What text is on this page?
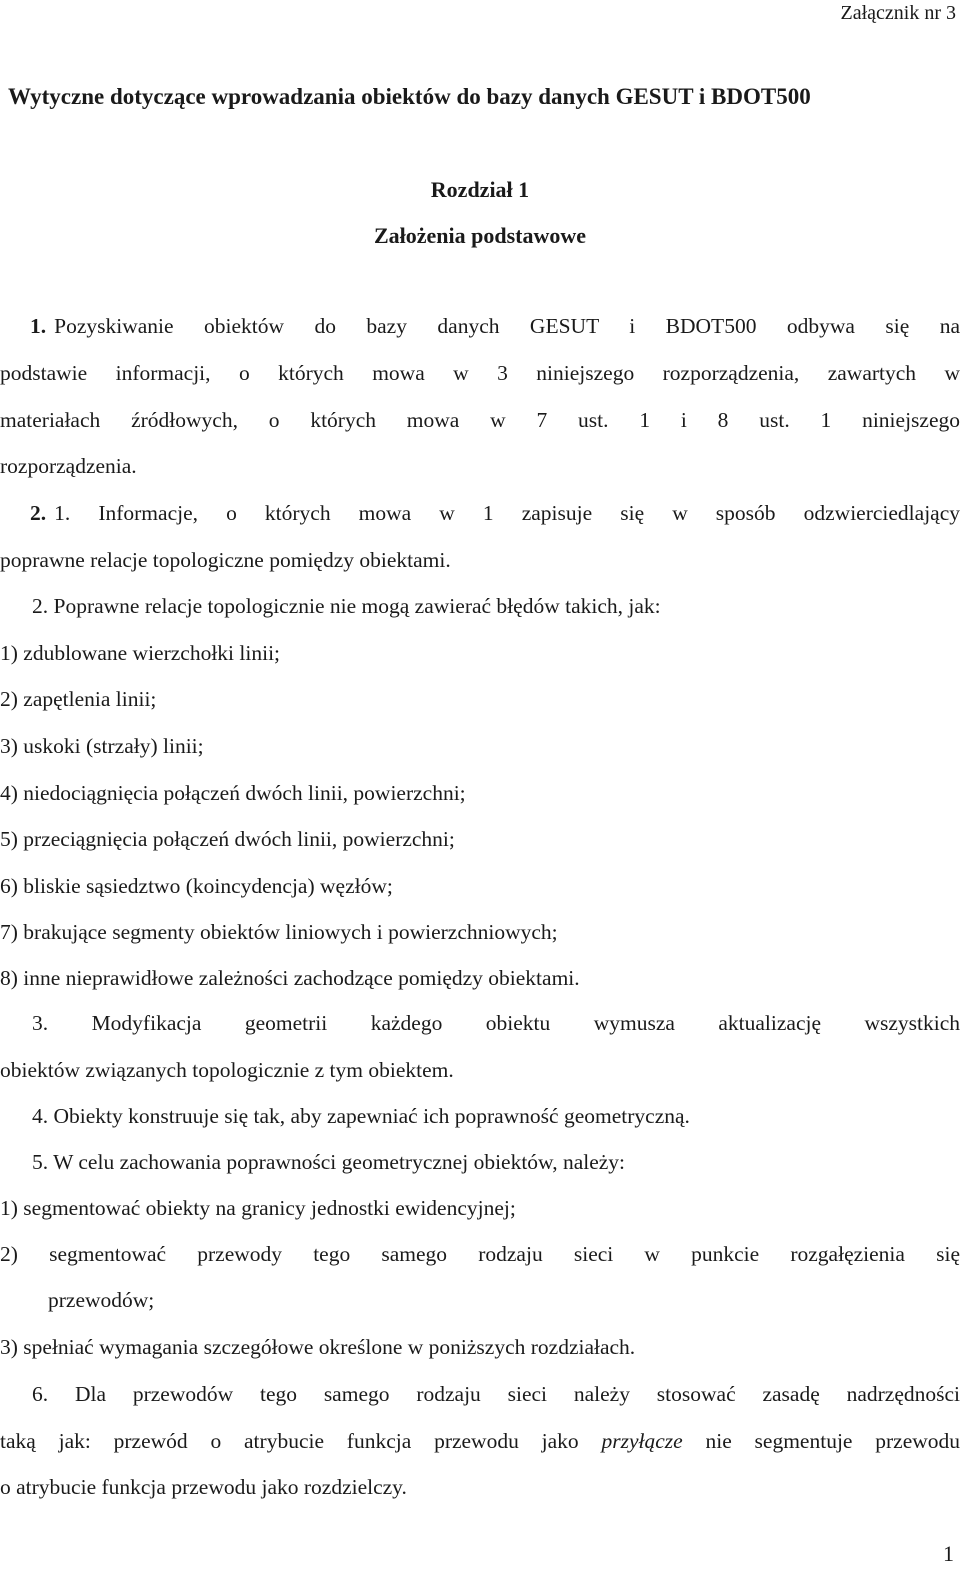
Załącznik nr 3
Wytyczne dotyczące wprowadzania obiektów do bazy danych GESUT i BDOT500
Rozdział 1
Założenia podstawowe
1. Pozyskiwanie obiektów do bazy danych GESUT i BDOT500 odbywa się na
podstawie informacji, o których mowa w 3 niniejszego rozporządzenia, zawartych w
materiałach źródłowych, o których mowa w 7 ust. 1 i 8 ust. 1 niniejszego
rozporządzenia.
2. 1. Informacje, o których mowa w 1 zapisuje się w sposób odzwierciedlający
poprawne relacje topologiczne pomiędzy obiektami.
2. Poprawne relacje topologicznie nie mogą zawierać błędów takich, jak:
1) zdublowane wierzchołki linii;
2) zapętlenia linii;
3) uskoki (strzały) linii;
4) niedociągnięcia połączeń dwóch linii, powierzchni;
5) przeciągnięcia połączeń dwóch linii, powierzchni;
6) bliskie sąsiedztwo (koincydencja) węzłów;
7) brakujące segmenty obiektów liniowych i powierzchniowych;
8) inne nieprawidłowe zależności zachodzące pomiędzy obiektami.
3. Modyfikacja geometrii każdego obiektu wymusza aktualizację wszystkich
obiektów związanych topologicznie z tym obiektem.
4. Obiekty konstruuje się tak, aby zapewniać ich poprawność geometryczną.
5. W celu zachowania poprawności geometrycznej obiektów, należy:
1) segmentować obiekty na granicy jednostki ewidencyjnej;
2) segmentować przewody tego samego rodzaju sieci w punkcie rozgałęzienia się
przewodów;
3) spełniać wymagania szczegółowe określone w poniższych rozdziałach.
6. Dla przewodów tego samego rodzaju sieci należy stosować zasadę nadrzędności
taką jak: przewód o atrybucie funkcja przewodu jako przyłącze nie segmentuje przewodu
o atrybucie funkcja przewodu jako rozdzielczy.
1
